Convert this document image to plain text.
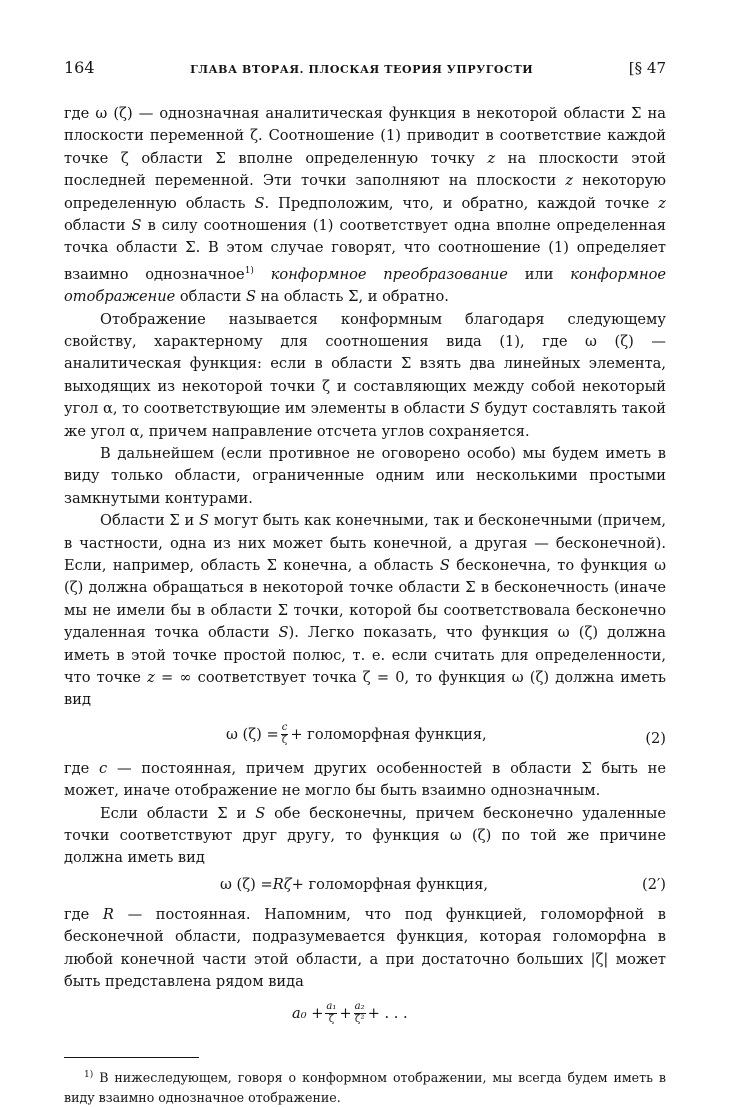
164	ГЛАВА ВТОРАЯ. ПЛОСКАЯ ТЕОРИЯ УПРУГОСТИ	[§ 47

где ω (ζ) — однозначная аналитическая функция в некоторой области Σ на плоскости переменной ζ. Соотношение (1) приводит в соответствие каждой точке ζ области Σ вполне определенную точку z на плоскости этой последней переменной. Эти точки заполняют на плоскости z некоторую определенную область S. Предположим, что, и обратно, каждой точке z области S в силу соотношения (1) соответствует одна вполне определенная точка области Σ. В этом случае говорят, что соотношение (1) определяет взаимно однозначное$^{1)}$ конформное преобразование или конформное отображение области S на область Σ, и обратно.

Отображение называется конформным благодаря следующему свойству, характерному для соотношения вида (1), где ω (ζ) — аналитическая функция: если в области Σ взять два линейных элемента, выходящих из некоторой точки ζ и составляющих между собой некоторый угол α, то соответствующие им элементы в области S будут составлять такой же угол α, причем направление отсчета углов сохраняется.

В дальнейшем (если противное не оговорено особо) мы будем иметь в виду только области, ограниченные одним или несколькими простыми замкнутыми контурами.

Области Σ и S могут быть как конечными, так и бесконечными (причем, в частности, одна из них может быть конечной, а другая — бесконечной). Если, например, область Σ конечна, а область S бесконечна, то функция ω (ζ) должна обращаться в некоторой точке области Σ в бесконечность (иначе мы не имели бы в области Σ точки, которой бы соответствовала бесконечно удаленная точка области S). Легко показать, что функция ω (ζ) должна иметь в этой точке простой полюс, т. е. если считать для определенности, что точке z = ∞ соответствует точка ζ = 0, то функция ω (ζ) должна иметь вид

ω $(\zeta) = \frac{c}{\zeta}$ + голоморфная функция,	(2)

где c — постоянная, причем других особенностей в области Σ быть не может, иначе отображение не могло бы быть взаимно однозначным.

Если области Σ и S обе бесконечны, причем бесконечно удаленные точки соответствуют друг другу, то функция ω (ζ) по той же причине должна иметь вид

ω (ζ) = Rζ + голоморфная функция,	(2′)

где R — постоянная. Напомним, что под функцией, голоморфной в бесконечной области, подразумевается функция, которая голоморфна в любой конечной части этой области, а при достаточно больших |ζ| может быть представлена рядом вида

$a_0 + \frac{\text{a₁}}{\zeta} + \frac{\text{a₂}}{\text{ζ²}}$ + . . .

$^{1)}$ В нижеследующем, говоря о конформном отображении, мы всегда будем иметь в виду взаимно однозначное отображение.
